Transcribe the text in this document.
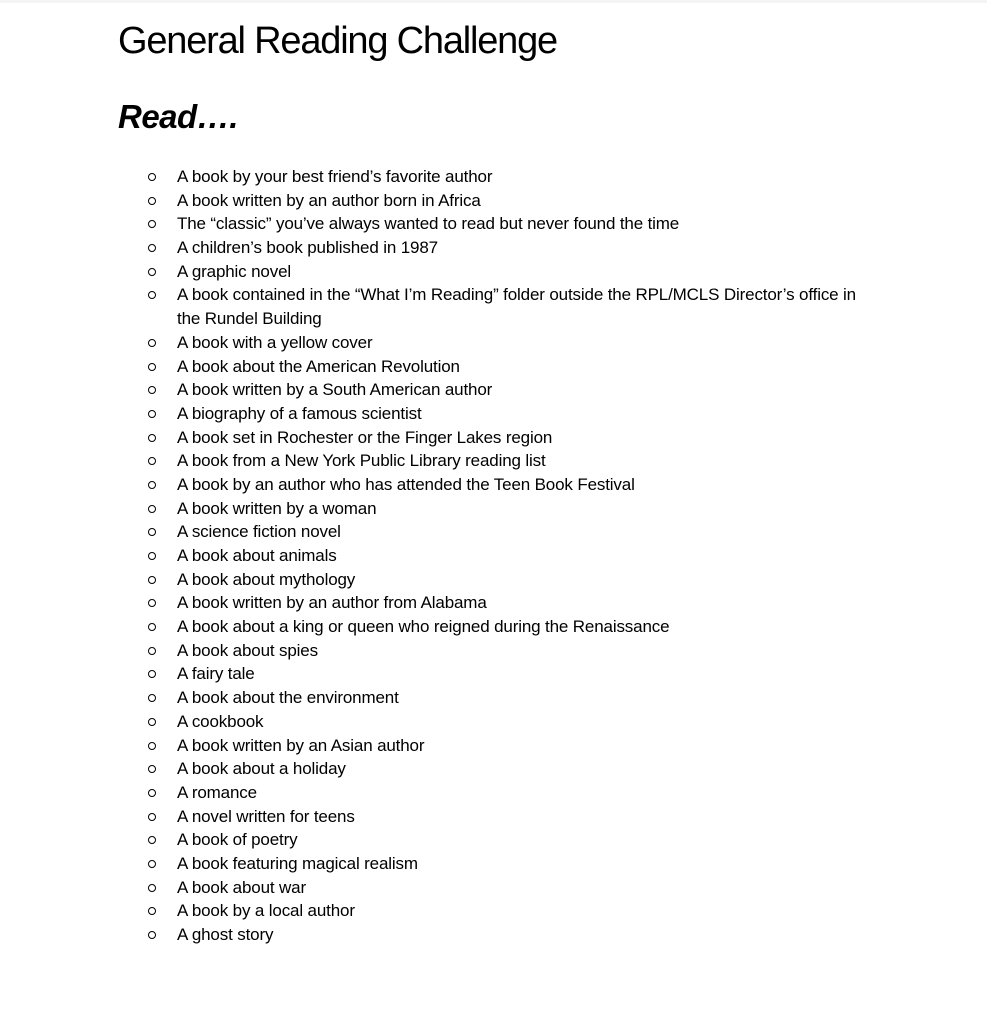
General Reading Challenge
Read….
A book by your best friend’s favorite author
A book written by an author born in Africa
The “classic” you’ve always wanted to read but never found the time
A children’s book published in 1987
A graphic novel
A book contained in the “What I’m Reading” folder outside the RPL/MCLS Director’s office in the Rundel Building
A book with a yellow cover
A book about the American Revolution
A book written by a South American author
A biography of a famous scientist
A book set in Rochester or the Finger Lakes region
A book from a New York Public Library reading list
A book by an author who has attended the Teen Book Festival
A book written by a woman
A science fiction novel
A book about animals
A book about mythology
A book written by an author from Alabama
A book about a king or queen who reigned during the Renaissance
A book about spies
A fairy tale
A book about the environment
A cookbook
A book written by an Asian author
A book about a holiday
A romance
A novel written for teens
A book of poetry
A book featuring magical realism
A book about war
A book by a local author
A ghost story
